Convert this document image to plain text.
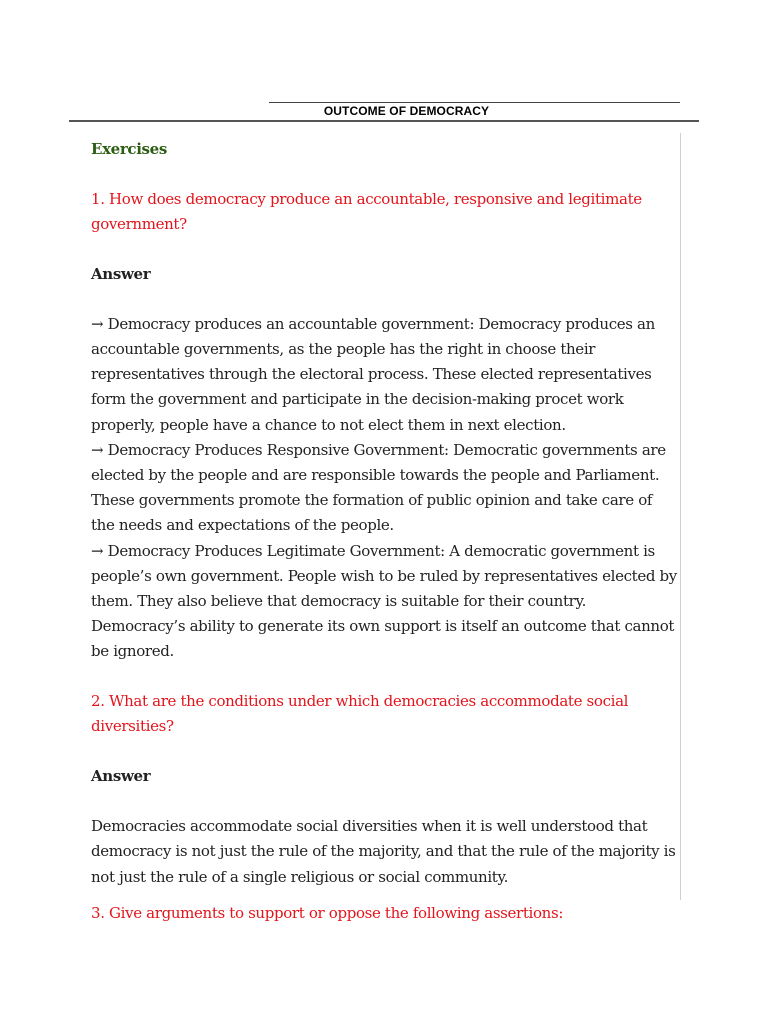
OUTCOME OF DEMOCRACY

Exercises

1. How does democracy produce an accountable, responsive and legitimate government?

Answer

→ Democracy produces an accountable government: Democracy produces an accountable governments, as the people has the right in choose their representatives through the electoral process. These elected representatives form the government and participate in the decision-making procet work properly, people have a chance to not elect them in next election.

→ Democracy Produces Responsive Government: Democratic governments are elected by the people and are responsible towards the people and Parliament. These governments promote the formation of public opinion and take care of the needs and expectations of the people.

→ Democracy Produces Legitimate Government: A democratic government is people’s own government. People wish to be ruled by representatives elected by them. They also believe that democracy is suitable for their country. Democracy’s ability to generate its own support is itself an outcome that cannot be ignored.

2. What are the conditions under which democracies accommodate social diversities?

Answer

Democracies accommodate social diversities when it is well understood that democracy is not just the rule of the majority, and that the rule of the majority is not just the rule of a single religious or social community.

3. Give arguments to support or oppose the following assertions:
